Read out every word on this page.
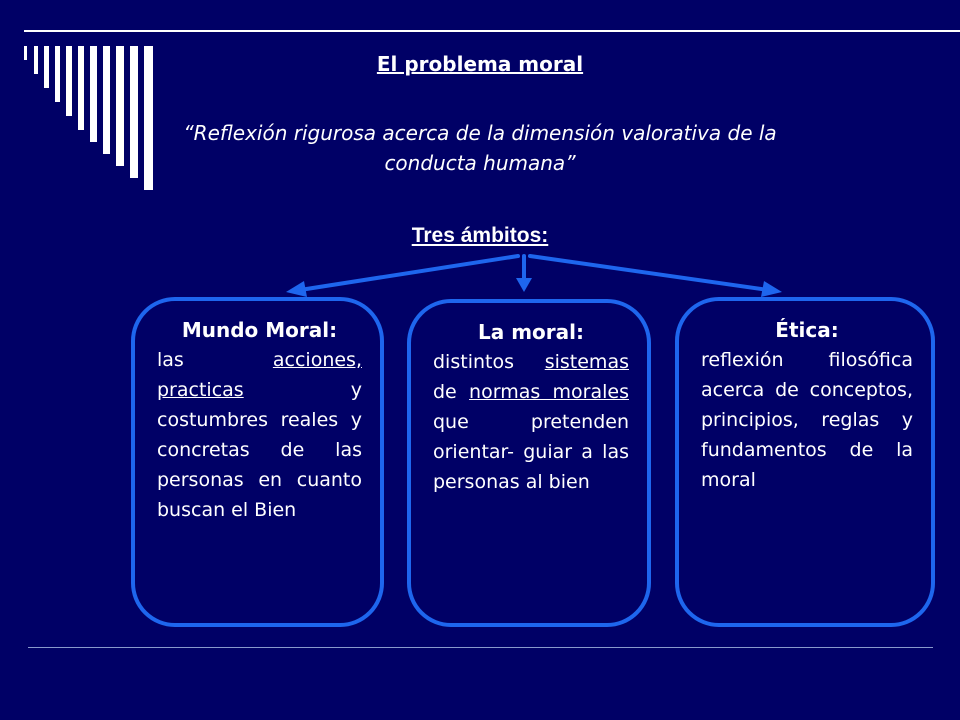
El problema moral
“Reflexión rigurosa acerca de la dimensión valorativa de la conducta humana”
Tres ámbitos:
Mundo Moral:
las acciones, practicas y costumbres reales y concretas de las personas en cuanto buscan el Bien
La moral:
distintos sistemas de normas morales que pretenden orientar- guiar a las personas al bien
Ética:
reflexión filosófica acerca de conceptos, principios, reglas y fundamentos de la moral
